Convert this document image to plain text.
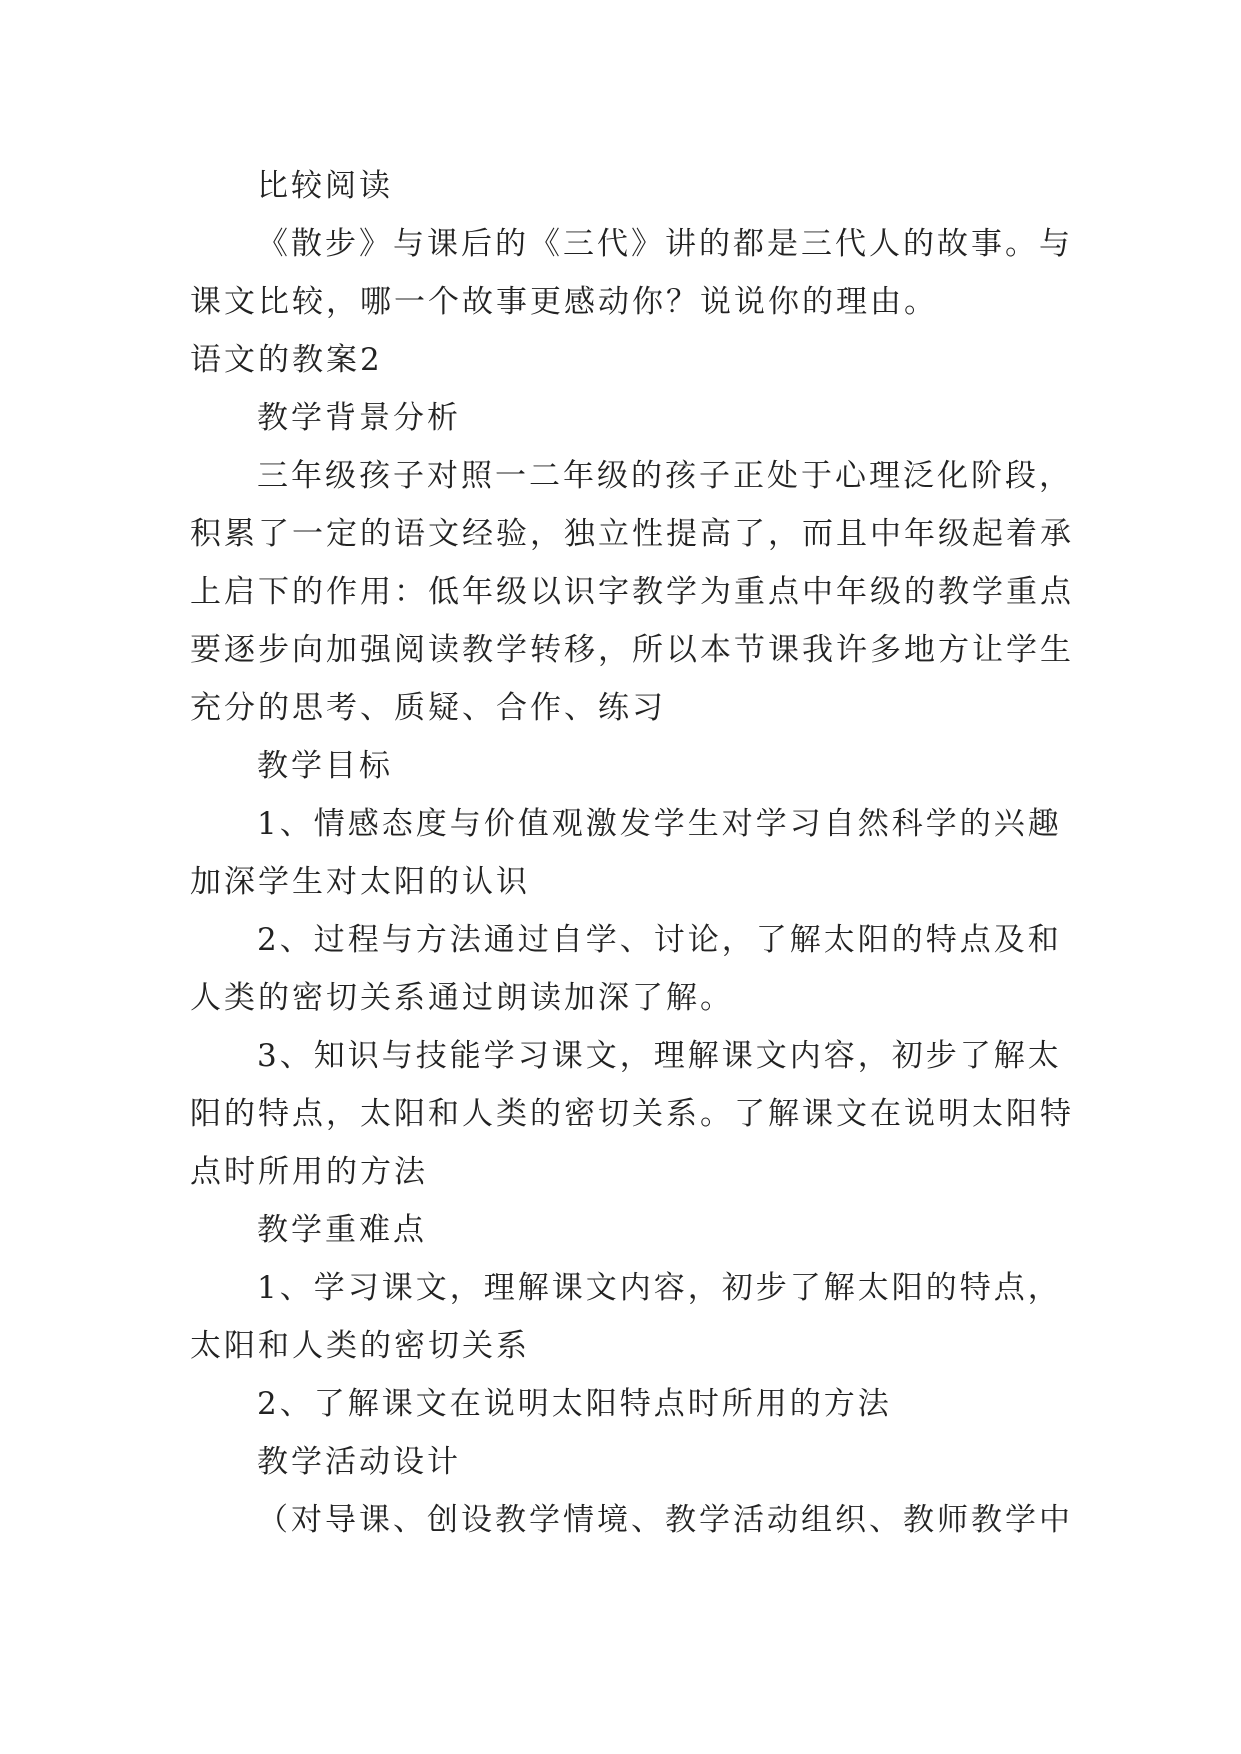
比较阅读

《散步》与课后的《三代》讲的都是三代人的故事。与

课文比较，哪一个故事更感动你？说说你的理由。

语文的教案2

教学背景分析

三年级孩子对照一二年级的孩子正处于心理泛化阶段，

积累了一定的语文经验，独立性提高了，而且中年级起着承

上启下的作用：低年级以识字教学为重点中年级的教学重点

要逐步向加强阅读教学转移，所以本节课我许多地方让学生

充分的思考、质疑、合作、练习

教学目标

1、情感态度与价值观激发学生对学习自然科学的兴趣

加深学生对太阳的认识

2、过程与方法通过自学、讨论，了解太阳的特点及和

人类的密切关系通过朗读加深了解。

3、知识与技能学习课文，理解课文内容，初步了解太

阳的特点，太阳和人类的密切关系。了解课文在说明太阳特

点时所用的方法

教学重难点

1、学习课文，理解课文内容，初步了解太阳的特点，

太阳和人类的密切关系

2、了解课文在说明太阳特点时所用的方法

教学活动设计

（对导课、创设教学情境、教学活动组织、教师教学中
